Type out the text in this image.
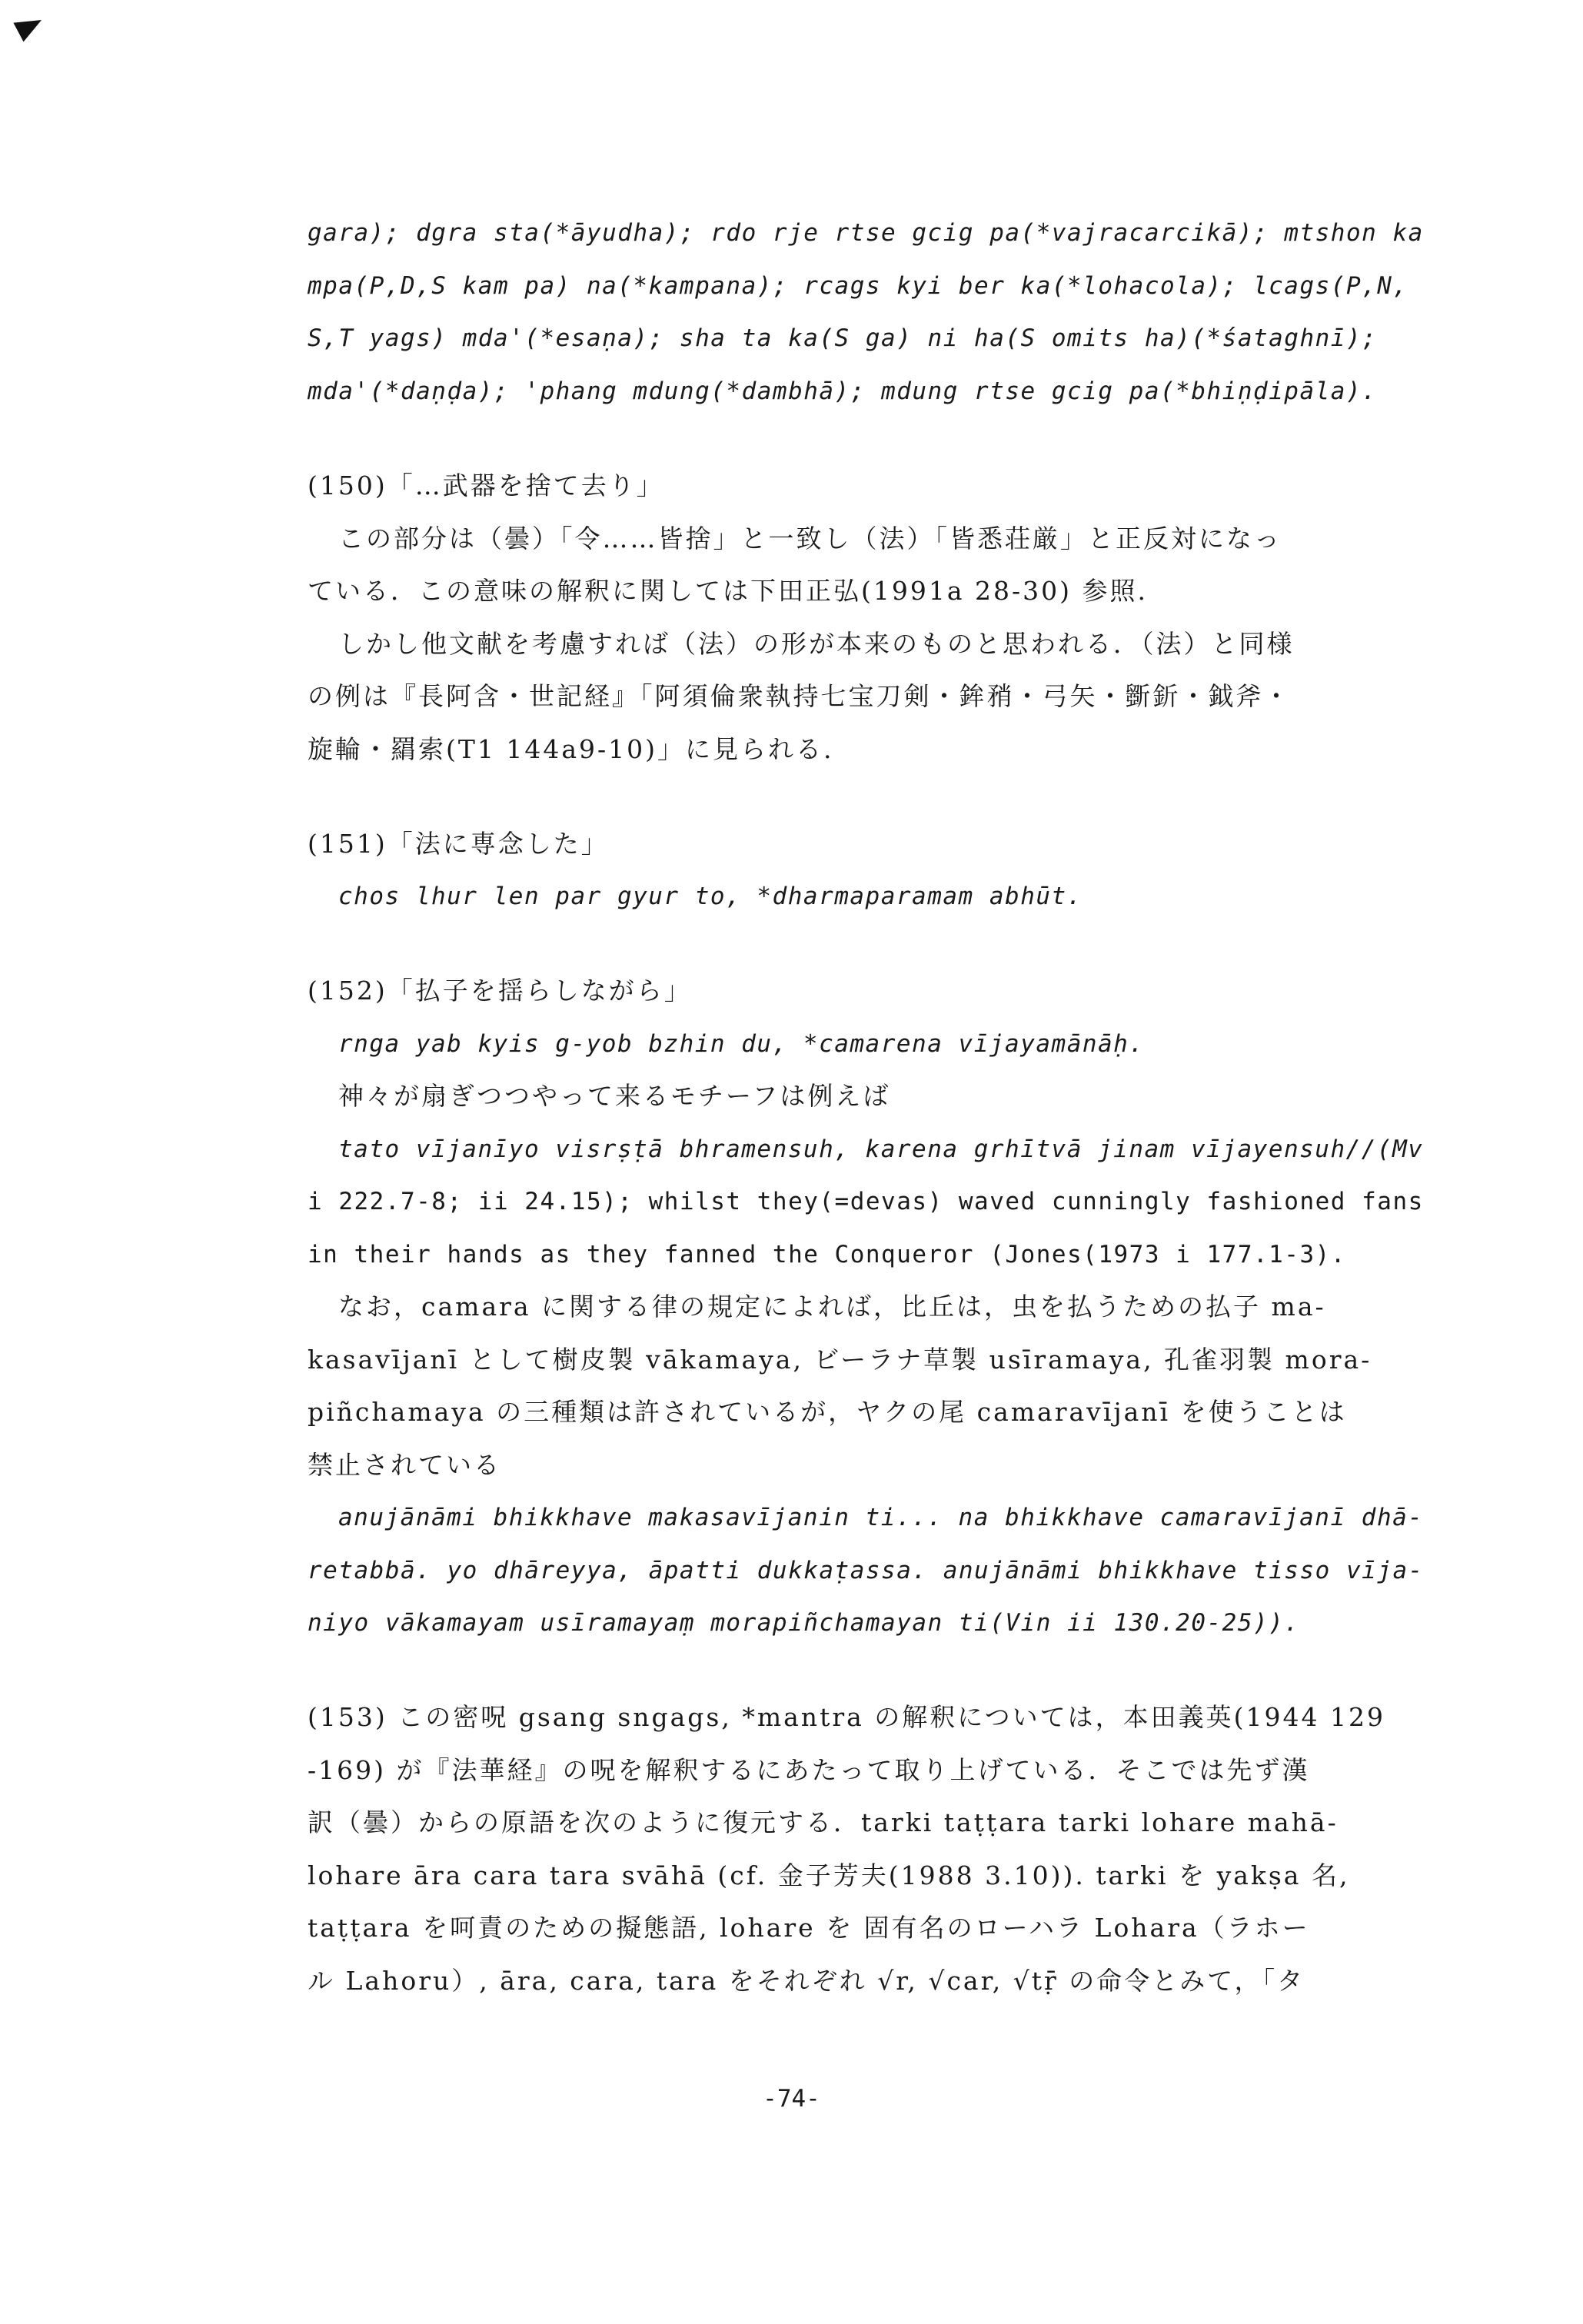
gara); dgra sta(*āyudha); rdo rje rtse gcig pa(*vajracarcikā); mtshon ka
mpa(P,D,S kam pa) na(*kampana); rcags kyi ber ka(*lohacola); lcags(P,N,
S,T yags) mda'(*esaṇa); sha ta ka(S ga) ni ha(S omits ha)(*śataghnī);
mda'(*daṇḍa); 'phang mdung(*dambhā); mdung rtse gcig pa(*bhiṇḍipāla).
(150)「…武器を捨て去り」
この部分は（曇）「令……皆捨」と一致し（法）「皆悉荘厳」と正反対になっ
ている．この意味の解釈に関しては下田正弘(1991a 28-30) 参照.
しかし他文献を考慮すれば（法）の形が本来のものと思われる．（法）と同様
の例は『長阿含・世記経』「阿須倫衆執持七宝刀剣・鉾矟・弓矢・斵釿・鉞斧・
旋輪・羂索(T1 144a9-10)」に見られる.
(151)「法に専念した」
chos lhur len par gyur to, *dharmaparamam abhūt.
(152)「払子を揺らしながら」
rnga yab kyis g-yob bzhin du, *camarena vījayamānāḥ.
神々が扇ぎつつやって来るモチーフは例えば
tato vījanīyo visrṣṭā bhramensuh, karena grhītvā jinam vījayensuh//(Mv
i 222.7-8; ii 24.15); whilst they(=devas) waved cunningly fashioned fans
in their hands as they fanned the Conqueror (Jones(1973 i 177.1-3).
なお，camara に関する律の規定によれば，比丘は，虫を払うための払子 ma-
kasavījanī として樹皮製 vākamaya, ビーラナ草製 usīramaya, 孔雀羽製 mora-
piñchamaya の三種類は許されているが，ヤクの尾 camaravījanī を使うことは
禁止されている
anujānāmi bhikkhave makasavījanin ti... na bhikkhave camaravījanī dhā-
retabbā. yo dhāreyya, āpatti dukkaṭassa. anujānāmi bhikkhave tisso vīja-
niyo vākamayam usīramayaṃ morapiñchamayan ti(Vin ii 130.20-25)).
(153) この密呪 gsang sngags, *mantra の解釈については，本田義英(1944 129
-169) が『法華経』の呪を解釈するにあたって取り上げている．そこでは先ず漢
訳（曇）からの原語を次のように復元する．tarki taṭṭara tarki lohare mahā-
lohare āra cara tara svāhā (cf. 金子芳夫(1988 3.10)). tarki を yakṣa 名,
taṭṭara を呵責のための擬態語, lohare を 固有名のローハラ Lohara（ラホー
ル Lahoru）, āra, cara, tara をそれぞれ √r, √car, √tṝ の命令とみて，「タ
-74-
